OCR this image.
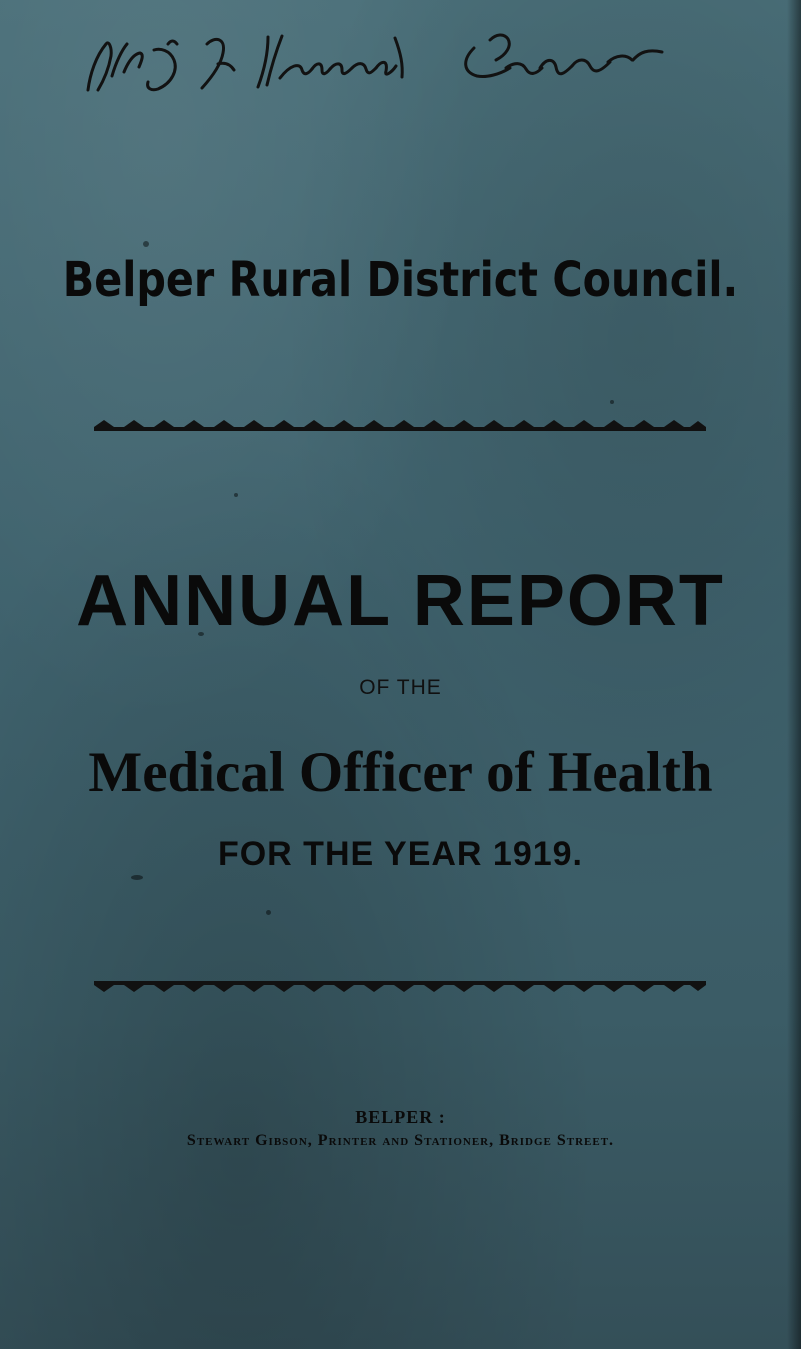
Belper Rural District Council.
ANNUAL REPORT
OF THE
Medical Officer of Health
FOR THE YEAR 1919.
BELPER :
Stewart Gibson, Printer and Stationer, Bridge Street.
